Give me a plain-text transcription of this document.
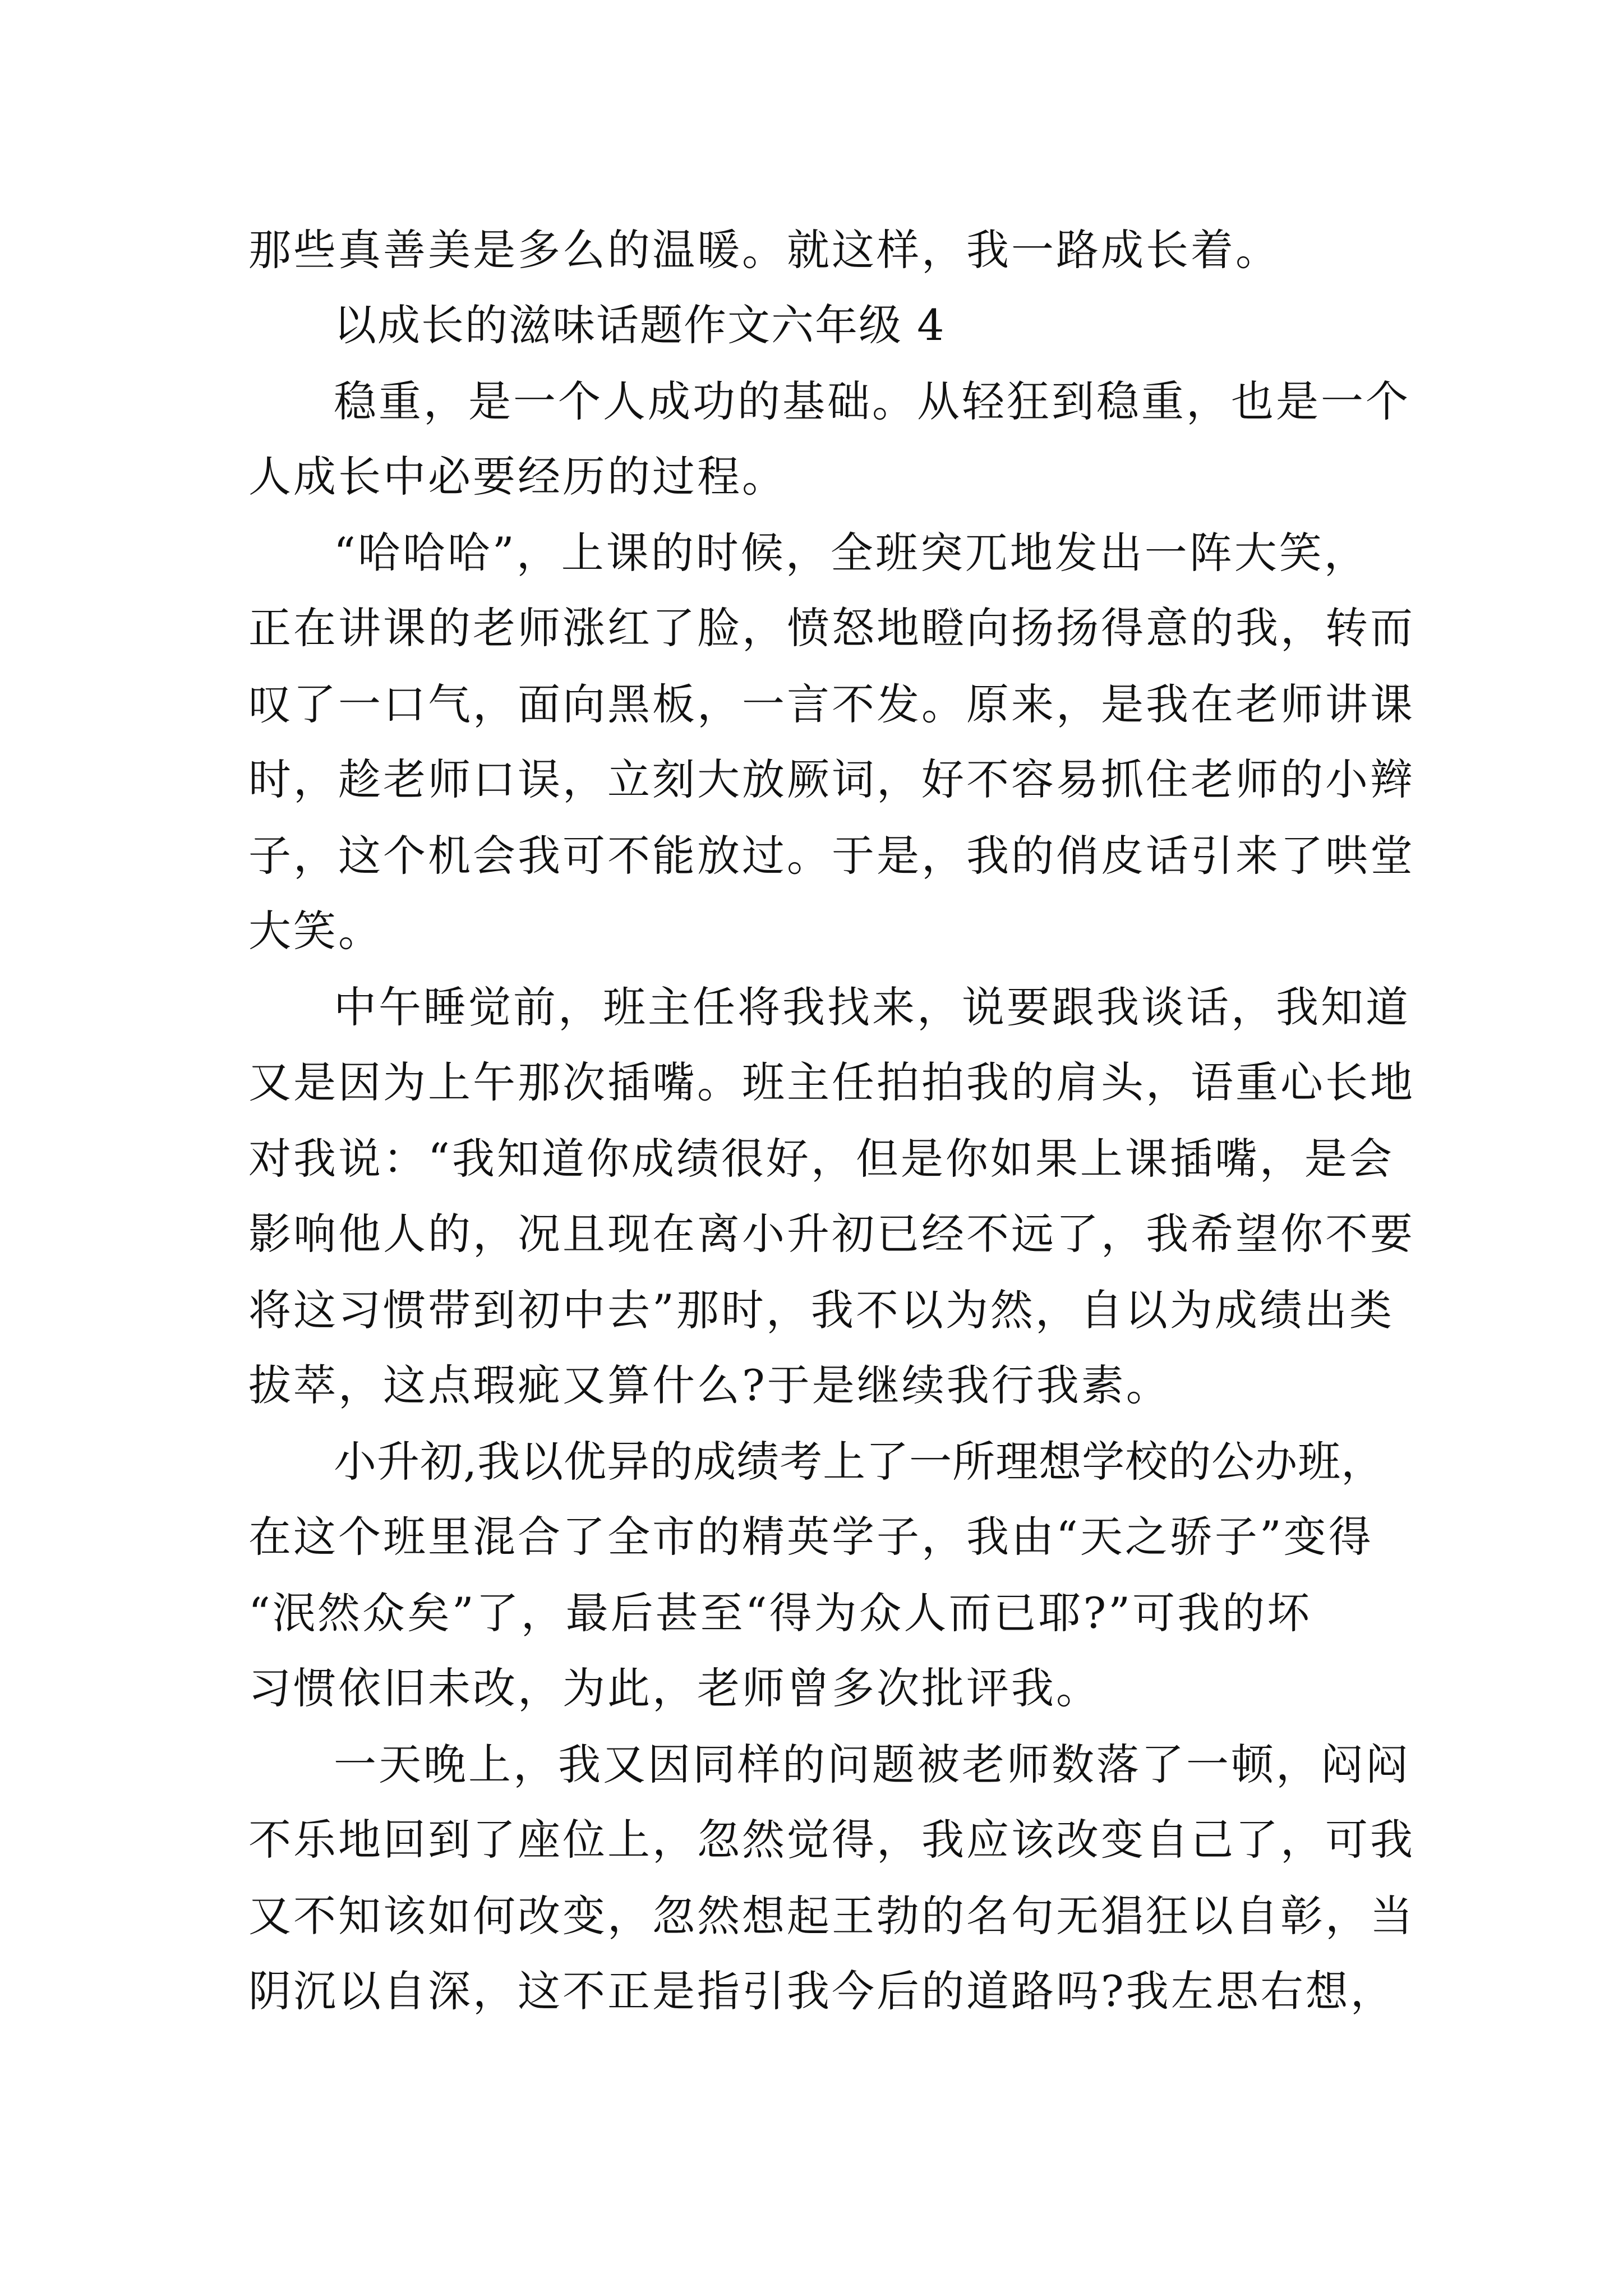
那些真善美是多么的温暖。就这样，我一路成长着。
以成长的滋味话题作文六年级 4
稳重，是一个人成功的基础。从轻狂到稳重，也是一个
人成长中必要经历的过程。
“哈哈哈”，上课的时候，全班突兀地发出一阵大笑，
正在讲课的老师涨红了脸，愤怒地瞪向扬扬得意的我，转而
叹了一口气，面向黑板，一言不发。原来，是我在老师讲课
时，趁老师口误，立刻大放厥词，好不容易抓住老师的小辫
子，这个机会我可不能放过。于是，我的俏皮话引来了哄堂
大笑。
中午睡觉前，班主任将我找来，说要跟我谈话，我知道
又是因为上午那次插嘴。班主任拍拍我的肩头，语重心长地
对我说：“我知道你成绩很好，但是你如果上课插嘴，是会
影响他人的，况且现在离小升初已经不远了，我希望你不要
将这习惯带到初中去”那时，我不以为然，自以为成绩出类
拔萃，这点瑕疵又算什么?于是继续我行我素。
小升初,我以优异的成绩考上了一所理想学校的公办班，
在这个班里混合了全市的精英学子，我由“天之骄子”变得
“泯然众矣”了，最后甚至“得为众人而已耶?”可我的坏
习惯依旧未改，为此，老师曾多次批评我。
一天晚上，我又因同样的问题被老师数落了一顿，闷闷
不乐地回到了座位上，忽然觉得，我应该改变自己了，可我
又不知该如何改变，忽然想起王勃的名句无猖狂以自彰，当
阴沉以自深，这不正是指引我今后的道路吗?我左思右想，
